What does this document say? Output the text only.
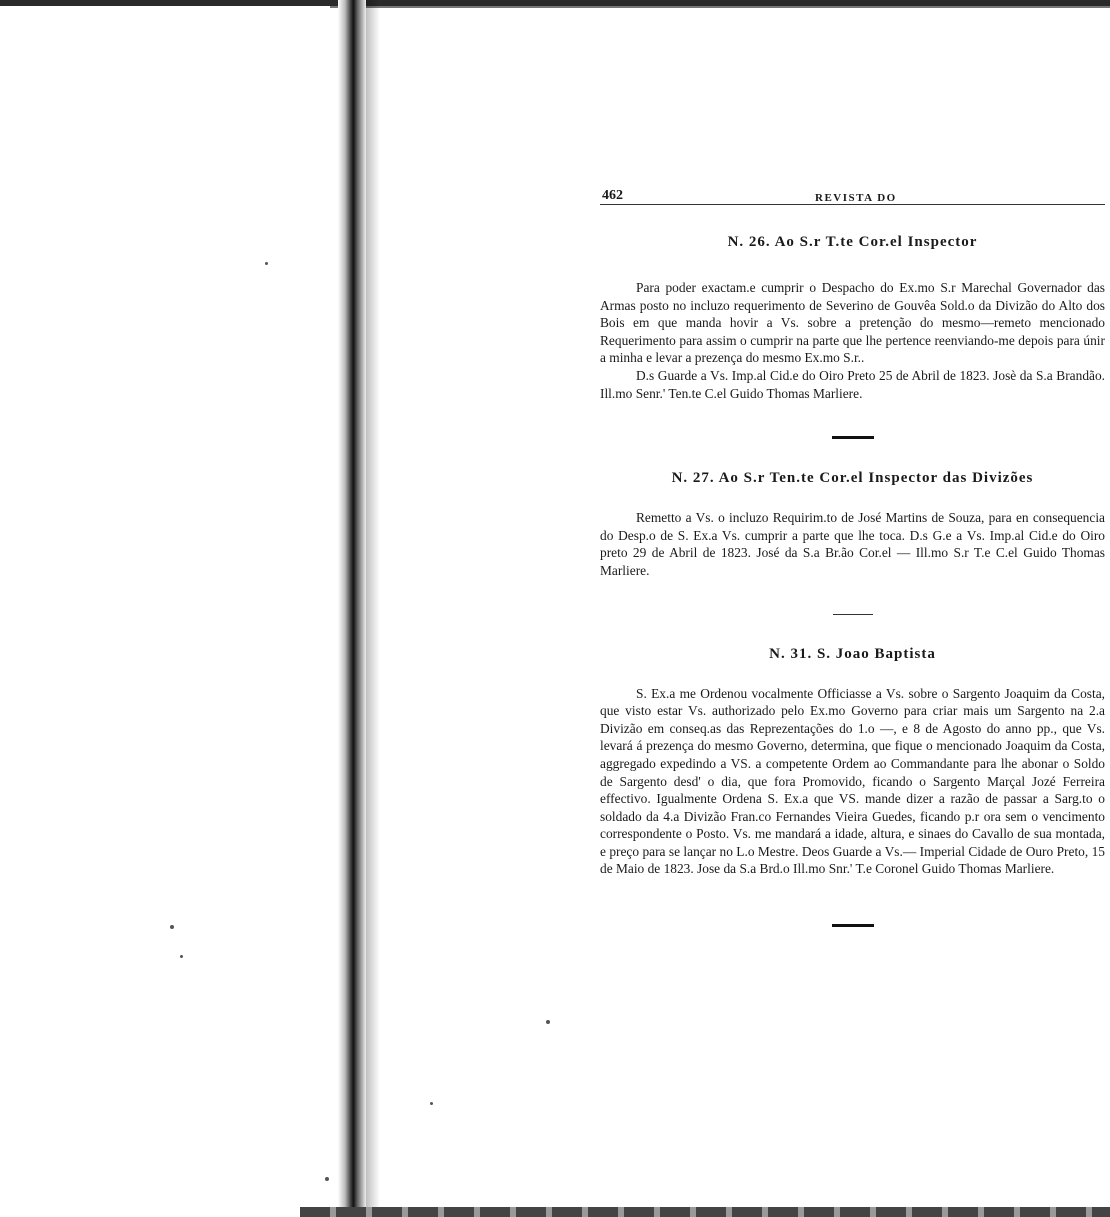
462	REVISTA DO
N. 26. Ao S.r T.te Cor.el Inspector

Para poder exactam.e cumprir o Despacho do Ex.mo S.r Marechal Governador das Armas posto no incluzo requerimento de Severino de Gouvêa Sold.o da Divizão do Alto dos Bois em que manda hovir a Vs. sobre a pretenção do mesmo—remeto mencionado Requerimento para assim o cumprir na parte que lhe pertence reenviando-me depois para únir a minha e levar a prezença do mesmo Ex.mo S.r..

D.s Guarde a Vs. Imp.al Cid.e do Oiro Preto 25 de Abril de 1823. Josè da S.a Brandão. Ill.mo Senr.' Ten.te C.el Guido Thomas Marliere.

N. 27. Ao S.r Ten.te Cor.el Inspector das Divizões

Remetto a Vs. o incluzo Requirim.to de José Martins de Souza, para en consequencia do Desp.o de S. Ex.a Vs. cumprir a parte que lhe toca. D.s G.e a Vs. Imp.al Cid.e do Oiro preto 29 de Abril de 1823. José da S.a Br.ão Cor.el — Ill.mo S.r T.e C.el Guido Thomas Marliere.

N. 31. S. Joao Baptista

S. Ex.a me Ordenou vocalmente Officiasse a Vs. sobre o Sargento Joaquim da Costa, que visto estar Vs. authorizado pelo Ex.mo Governo para criar mais um Sargento na 2.a Divizão em conseq.as das Reprezentações do 1.o —, e 8 de Agosto do anno pp., que Vs. levará á prezença do mesmo Governo, determina, que fique o mencionado Joaquim da Costa, aggregado expedindo a VS. a competente Ordem ao Commandante para lhe abonar o Soldo de Sargento desd' o dia, que fora Promovido, ficando o Sargento Marçal Jozé Ferreira effectivo. Igualmente Ordena S. Ex.a que VS. mande dizer a razão de passar a Sarg.to o soldado da 4.a Divizão Fran.co Fernandes Vieira Guedes, ficando p.r ora sem o vencimento correspondente o Posto. Vs. me mandará a idade, altura, e sinaes do Cavallo de sua montada, e preço para se lançar no L.o Mestre. Deos Guarde a Vs.— Imperial Cidade de Ouro Preto, 15 de Maio de 1823. Jose da S.a Brd.o Ill.mo Snr.' T.e Coronel Guido Thomas Marliere.
